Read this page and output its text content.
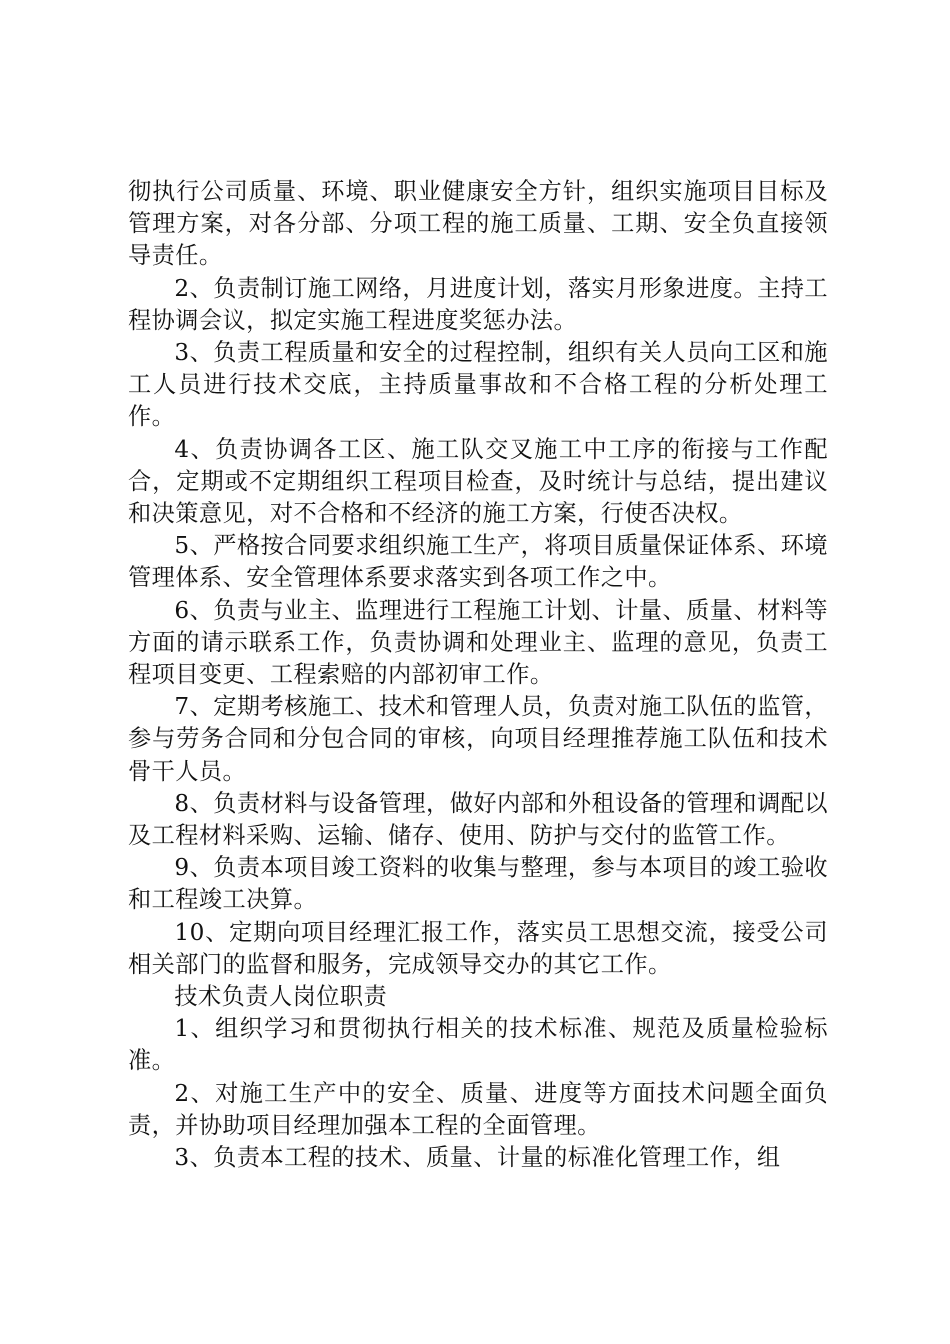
彻执行公司质量、环境、职业健康安全方针，组织实施项目目标及管理方案，对各分部、分项工程的施工质量、工期、安全负直接领导责任。

2、负责制订施工网络，月进度计划，落实月形象进度。主持工程协调会议，拟定实施工程进度奖惩办法。

3、负责工程质量和安全的过程控制，组织有关人员向工区和施工人员进行技术交底，主持质量事故和不合格工程的分析处理工作。

4、负责协调各工区、施工队交叉施工中工序的衔接与工作配合，定期或不定期组织工程项目检查，及时统计与总结，提出建议和决策意见，对不合格和不经济的施工方案，行使否决权。

5、严格按合同要求组织施工生产，将项目质量保证体系、环境管理体系、安全管理体系要求落实到各项工作之中。

6、负责与业主、监理进行工程施工计划、计量、质量、材料等方面的请示联系工作，负责协调和处理业主、监理的意见，负责工程项目变更、工程索赔的内部初审工作。

7、定期考核施工、技术和管理人员，负责对施工队伍的监管，参与劳务合同和分包合同的审核，向项目经理推荐施工队伍和技术骨干人员。

8、负责材料与设备管理，做好内部和外租设备的管理和调配以及工程材料采购、运输、储存、使用、防护与交付的监管工作。

9、负责本项目竣工资料的收集与整理，参与本项目的竣工验收和工程竣工决算。

10、定期向项目经理汇报工作，落实员工思想交流，接受公司相关部门的监督和服务，完成领导交办的其它工作。

技术负责人岗位职责

1、组织学习和贯彻执行相关的技术标准、规范及质量检验标准。

2、对施工生产中的安全、质量、进度等方面技术问题全面负责，并协助项目经理加强本工程的全面管理。

3、负责本工程的技术、质量、计量的标准化管理工作，组
